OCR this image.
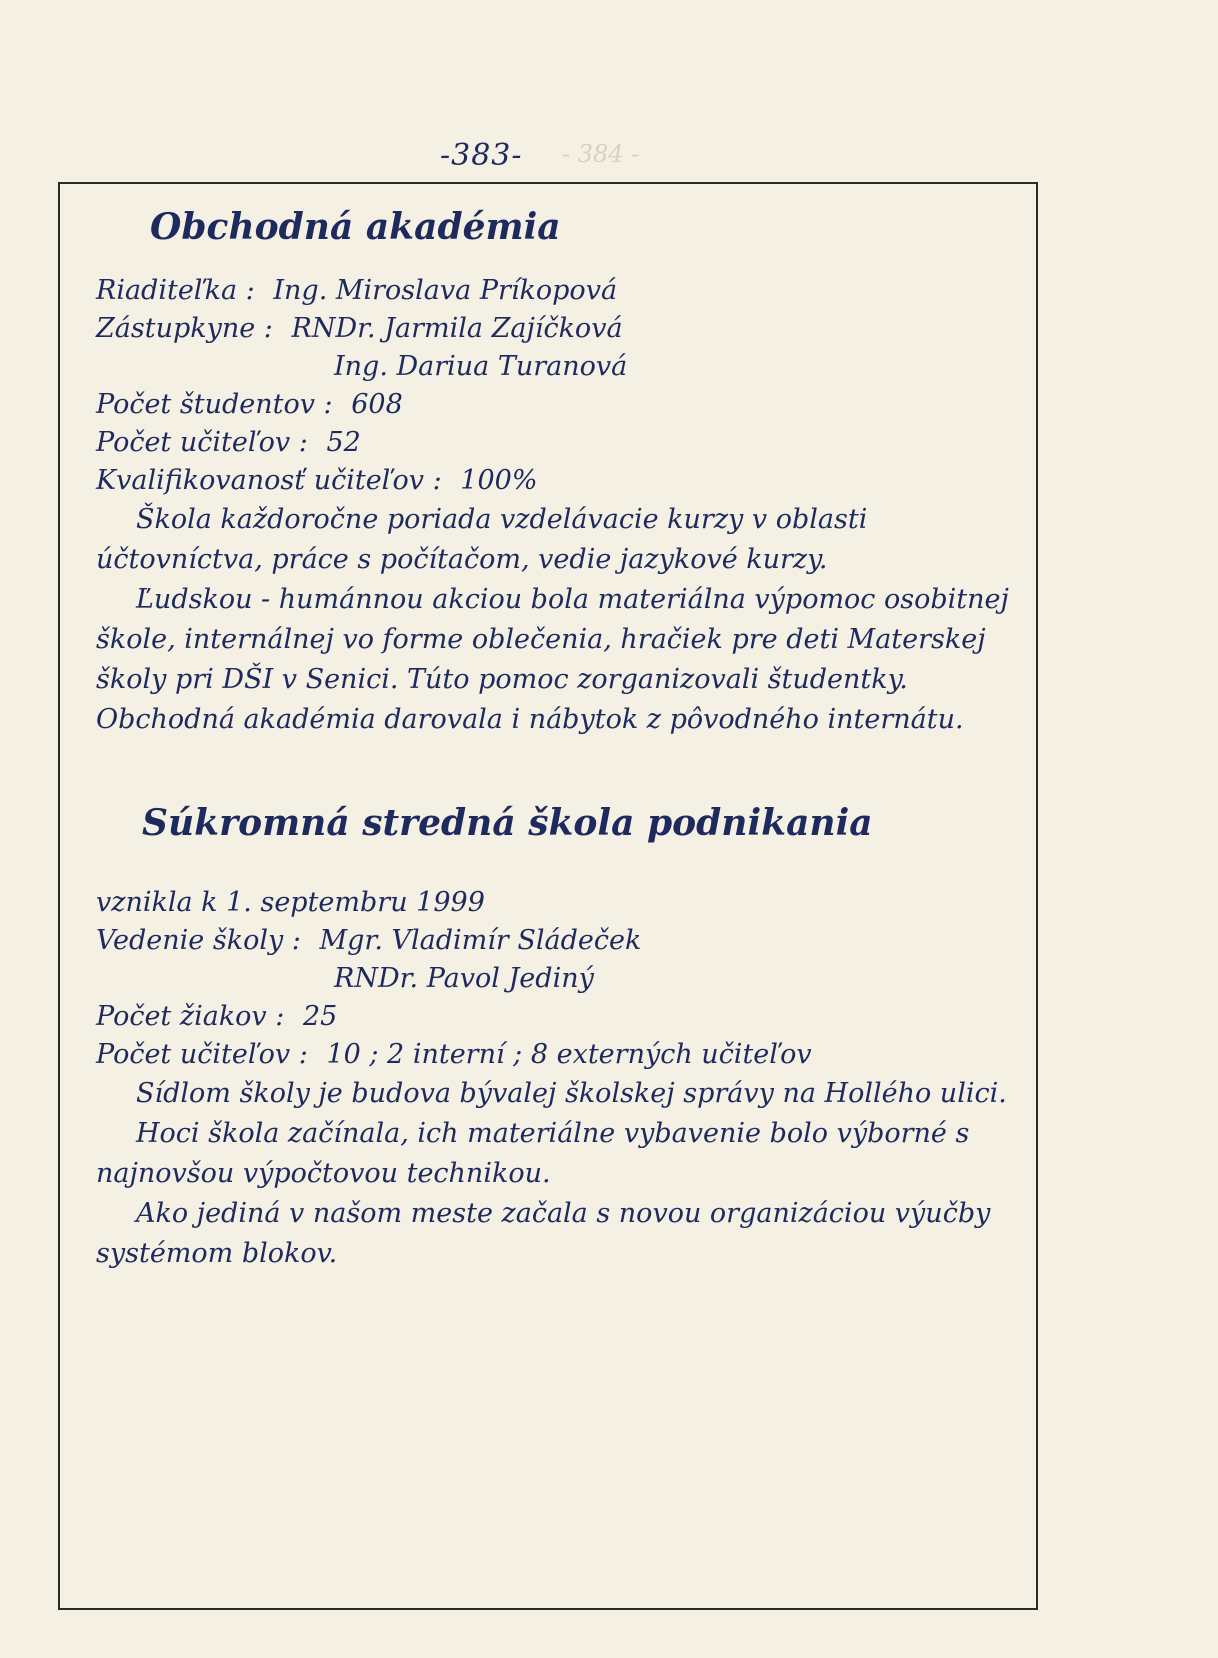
- 384 -
-383-
Obchodná akadémia
Riaditeľka : Ing. Miroslava Príkopová
Zástupkyne : RNDr. Jarmila Zajíčková
Ing. Dariua Turanová
Počet študentov : 608
Počet učiteľov : 52
Kvalifikovanosť učiteľov : 100%

Škola každoročne poriada vzdelávacie kurzy v oblasti účtovníctva, práce s počítačom, vedie jazykové kurzy.

Ľudskou - humánnou akciou bola materiálna výpomoc osobitnej škole, internálnej vo forme oblečenia, hračiek pre deti Materskej školy pri DŠI v Senici. Túto pomoc zorganizovali študentky. Obchodná akadémia darovala i nábytok z pôvodného internátu.

Súkromná stredná škola podnikania
vznikla k 1. septembru 1999
Vedenie školy : Mgr. Vladimír Sládeček
RNDr. Pavol Jediný
Počet žiakov : 25
Počet učiteľov : 10 ; 2 interní ; 8 externých učiteľov

Sídlom školy je budova bývalej školskej správy na Hollého ulici.

Hoci škola začínala, ich materiálne vybavenie bolo výborné s najnovšou výpočtovou technikou.

Ako jediná v našom meste začala s novou organizáciou výučby systémom blokov.
